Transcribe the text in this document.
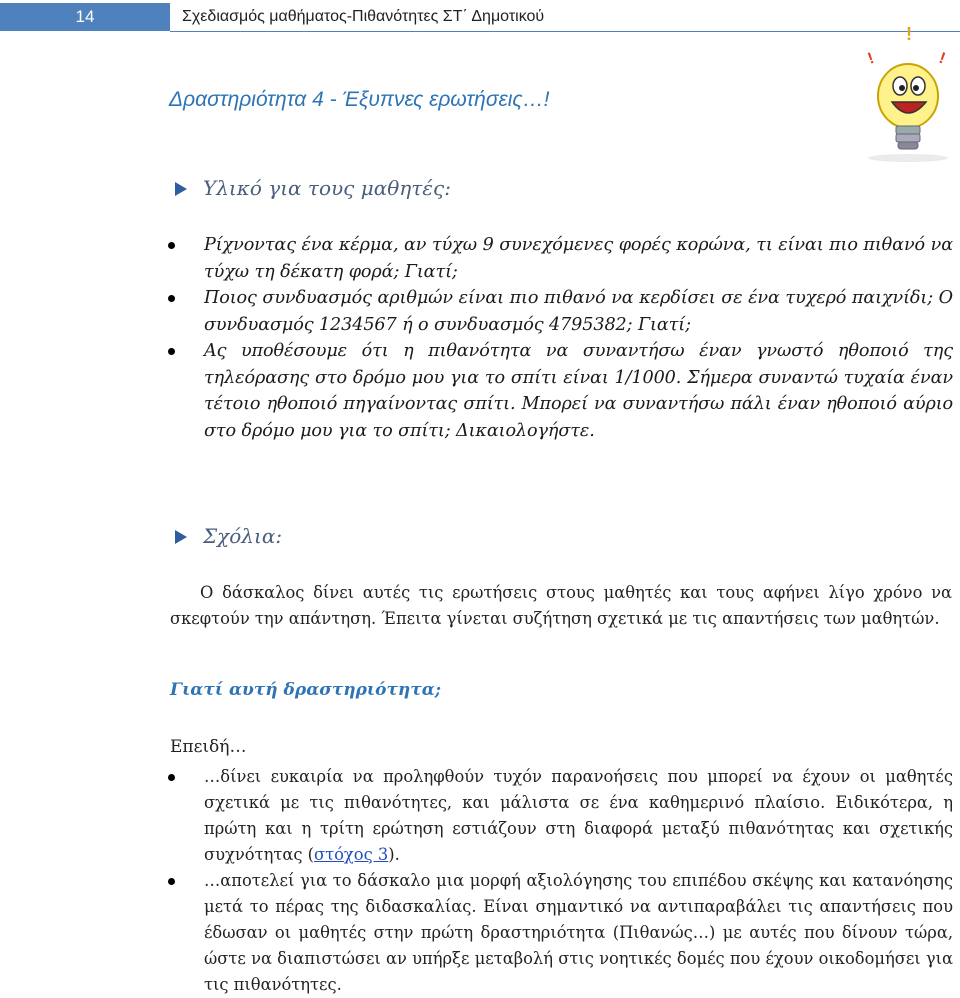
14	Σχεδιασμός μαθήματος-Πιθανότητες ΣΤ΄ Δημοτικού
Δραστηριότητα 4 - Έξυπνες ερωτήσεις…!
!
!
!
Υλικό για τους μαθητές:
Ρίχνοντας ένα κέρμα, αν τύχω 9 συνεχόμενες φορές κορώνα, τι είναι πιο πιθανό να τύχω τη δέκατη φορά; Γιατί;
Ποιος συνδυασμός αριθμών είναι πιο πιθανό να κερδίσει σε ένα τυχερό παιχνίδι; Ο συνδυασμός 1234567 ή ο συνδυασμός 4795382; Γιατί;
Ας υποθέσουμε ότι η πιθανότητα να συναντήσω έναν γνωστό ηθοποιό της τηλεόρασης στο δρόμο μου για το σπίτι είναι 1/1000. Σήμερα συναντώ τυχαία έναν τέτοιο ηθοποιό πηγαίνοντας σπίτι. Μπορεί να συναντήσω πάλι έναν ηθοποιό αύριο στο δρόμο μου για το σπίτι; Δικαιολογήστε.
Σχόλια:

Ο δάσκαλος δίνει αυτές τις ερωτήσεις στους μαθητές και τους αφήνει λίγο χρόνο να σκεφτούν την απάντηση. Έπειτα γίνεται συζήτηση σχετικά με τις απαντήσεις των μαθητών.

Γιατί αυτή δραστηριότητα;
Επειδή…
…δίνει ευκαιρία να προληφθούν τυχόν παρανοήσεις που μπορεί να έχουν οι μαθητές σχετικά με τις πιθανότητες, και μάλιστα σε ένα καθημερινό πλαίσιο. Ειδικότερα, η πρώτη και η τρίτη ερώτηση εστιάζουν στη διαφορά μεταξύ πιθανότητας και σχετικής συχνότητας (στόχος 3).
…αποτελεί για το δάσκαλο μια μορφή αξιολόγησης του επιπέδου σκέψης και κατανόησης μετά το πέρας της διδασκαλίας. Είναι σημαντικό να αντιπαραβάλει τις απαντήσεις που έδωσαν οι μαθητές στην πρώτη δραστηριότητα (Πιθανώς…) με αυτές που δίνουν τώρα, ώστε να διαπιστώσει αν υπήρξε μεταβολή στις νοητικές δομές που έχουν οικοδομήσει για τις πιθανότητες.
